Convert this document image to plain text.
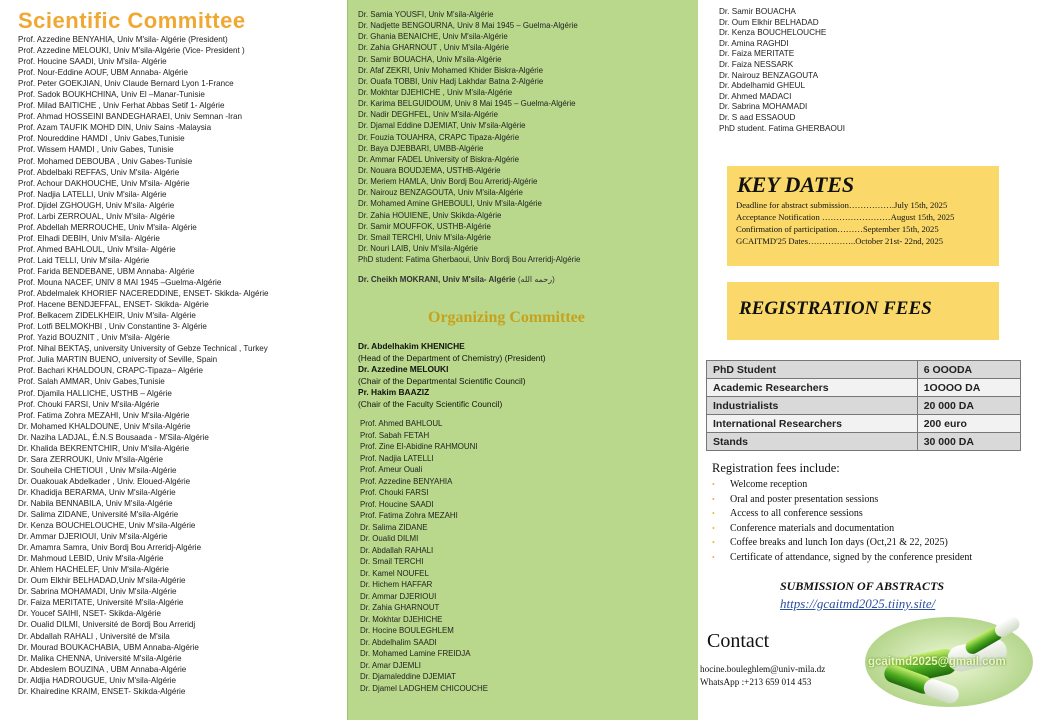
Scientific Committee
Prof. Azzedine BENYAHIA, Univ M'sila- Algérie (President)
Prof. Azzedine MELOUKI, Univ M'sila-Algérie (Vice- President )
Prof. Houcine SAADI, Univ M'sila- Algérie
Prof. Nour-Eddine AOUF, UBM Annaba- Algérie
Prof. Peter GOEKJIAN, Univ Claude Bernard Lyon 1-France
Prof. Sadok BOUKHCHINA, Univ El –Manar-Tunisie
Prof. Milad BAITICHE , Univ Ferhat Abbas Setif 1- Algérie
Prof. Ahmad HOSSEINI BANDEGHARAEI, Univ Semnan -Iran
Prof. Azam TAUFIK MOHD DIN, Univ Sains -Malaysia
Prof. Noureddine HAMDI , Univ Gabes,Tunisie
Prof. Wissem HAMDI , Univ Gabes, Tunisie
Prof. Mohamed DEBOUBA , Univ Gabes-Tunisie
Prof. Abdelbaki REFFAS, Univ M'sila- Algérie
Prof. Achour DAKHOUCHE, Univ M'sila- Algérie
Prof. Nadjia LATELLI, Univ M'sila- Algérie
Prof. Djidel ZGHOUGH, Univ M'sila- Algérie
Prof. Larbi ZERROUAL, Univ M'sila- Algérie
Prof. Abdellah MERROUCHE, Univ M'sila- Algérie
Prof. Elhadi DEBIH, Univ M'sila- Algérie
Prof. Ahmed BAHLOUL, Univ M'sila- Algérie
Prof. Laid TELLI, Univ M'sila- Algérie
Prof. Farida BENDEBANE, UBM Annaba- Algérie
Prof. Mouna NACEF, UNIV 8 MAI 1945 –Guelma-Algérie
Prof. Abdelmalek KHORIEF NACEREDDINE, ENSET- Skikda- Algérie
Prof. Hacene BENDJEFFAL, ENSET- Skikda- Algérie
Prof. Belkacem ZIDELKHEIR, Univ M'sila- Algérie
Prof. Lotfi BELMOKHBI , Univ Constantine 3- Algérie
Prof. Yazid BOUZNIT , Univ M'sila- Algérie
Prof. Nihal BEKTAŞ, university University of Gebze Technical , Turkey
Prof. Julia MARTIN BUENO, university of Seville, Spain
Prof. Bachari KHALDOUN, CRAPC-Tipaza– Algérie
Prof. Salah AMMAR, Univ Gabes,Tunisie
Prof. Djamila HALLICHE, USTHB – Algérie
Prof. Chouki FARSI, Univ M'sila-Algérie
Prof. Fatima Zohra MEZAHI, Univ M'sila-Algérie
Dr. Mohamed KHALDOUNE, Univ M'sila-Algérie
Dr. Naziha LADJAL, É.N.S Bousaada - M'Sila-Algérie
Dr. Khalida BEKRENTCHIR, Univ M'sila-Algérie
Dr. Sara ZERROUKI, Univ M'sila-Algérie
Dr. Souheila CHETIOUI , Univ M'sila-Algérie
Dr. Ouakouak Abdelkader , Univ. Eloued-Algérie
Dr. Khadidja BERARMA, Univ M'sila-Algérie
Dr. Nabila BENNABILA, Univ M'sila-Algérie
Dr. Salima ZIDANE, Université M'sila-Algérie
Dr. Kenza BOUCHELOUCHE, Univ M'sila-Algérie
Dr. Ammar DJERIOUI, Univ M'sila-Algérie
Dr. Amamra Samra, Univ Bordj Bou Arreridj-Algérie
Dr. Mahmoud LEBID, Univ M'sila-Algérie
Dr. Ahlem HACHELEF, Univ M'sila-Algérie
Dr. Oum Elkhir BELHADAD,Univ M'sila-Algérie
Dr. Sabrina MOHAMADI, Univ M'sila-Algérie
Dr. Faiza MERITATE, Université M'sila-Algérie
Dr. Youcef SAIHI, NSET- Skikda-Algérie
Dr. Oualid DILMI, Université de Bordj Bou Arreridj
Dr. Abdallah RAHALI , Université de M'sila
Dr. Mourad BOUKACHABIA, UBM Annaba-Algérie
Dr. Malika CHENNA, Université M'sila-Algérie
Dr. Abdeslem BOUZINA , UBM Annaba-Algérie
Dr. Aldjia HADROUGUE, Univ M'sila-Algérie
Dr. Khairedine KRAIM, ENSET- Skikda-Algérie
Dr. Samia YOUSFI, Univ M'sila-Algérie
Dr. Nadjette BENGOURNA, Univ 8 Mai 1945 – Guelma-Algérie
Dr. Ghania BENAICHE, Univ M'sila-Algérie
Dr. Zahia GHARNOUT , Univ M'sila-Algérie
Dr. Samir BOUACHA, Univ M'sila-Algérie
Dr. Afaf ZEKRI, Univ Mohamed Khider Biskra-Algérie
Dr. Ouafa TOBBI, Univ Hadj Lakhdar Batna 2-Algérie
Dr. Mokhtar DJEHICHE , Univ M'sila-Algérie
Dr. Karima BELGUIDOUM, Univ 8 Mai 1945 – Guelma-Algérie
Dr. Nadir DEGHFEL, Univ M'sila-Algérie
Dr. Djamal Eddine DJEMIAT, Univ M'sila-Algérie
Dr. Fouzia TOUAHRA, CRAPC Tipaza-Algérie
Dr. Baya DJEBBARI, UMBB-Algérie
Dr. Ammar FADEL University of Biskra-Algérie
Dr. Nouara BOUDJEMA, USTHB-Algérie
Dr. Meriem HAMLA, Univ Bordj Bou Arreridj-Algérie
Dr. Nairouz BENZAGOUTA, Univ M'sila-Algérie
Dr. Mohamed Amine GHEBOULI, Univ M'sila-Algérie
Dr. Zahia HOUIENE, Univ Skikda-Algérie
Dr. Samir MOUFFOK, USTHB-Algérie
Dr. Smail TERCHI, Univ M'sila-Algérie
Dr. Nouri LAIB, Univ M'sila-Algérie
PhD student: Fatima Gherbaoui, Univ Bordj Bou Arreridj-Algérie
Dr. Cheikh MOKRANI, Univ M'sila- Algérie (رحمه الله)
Organizing Committee
Dr. Abdelhakim KHENICHE
(Head of the Department of Chemistry) (President)
Dr. Azzedine MELOUKI
(Chair of the Departmental Scientific Council)
Pr. Hakim BAAZIZ
(Chair of the Faculty Scientific Council)
Prof. Ahmed BAHLOUL
Prof. Sabah FETAH
Prof. Zine El-Abidine RAHMOUNI
Prof. Nadjia LATELLI
Prof. Ameur Ouali
Prof. Azzedine BENYAHIA
Prof. Chouki FARSI
Prof. Houcine SAADI
Prof. Fatima Zohra MEZAHI
Dr. Salima ZIDANE
Dr. Oualid DILMI
Dr. Abdallah RAHALI
Dr. Smail TERCHI
Dr. Kamel NOUFEL
Dr. Hichem HAFFAR
Dr. Ammar DJERIOUI
Dr. Zahia GHARNOUT
Dr. Mokhtar DJEHICHE
Dr. Hocine BOULEGHLEM
Dr. Abdelhalim SAADI
Dr. Mohamed Lamine FREIDJA
Dr. Amar DJEMLI
Dr. Djamaleddine DJEMIAT
Dr. Djamel LADGHEM CHICOUCHE
Dr. Samir BOUACHA
Dr. Oum Elkhir BELHADAD
Dr. Kenza BOUCHELOUCHE
Dr. Amina RAGHDI
Dr. Faiza MERITATE
Dr. Faiza NESSARK
Dr. Nairouz BENZAGOUTA
Dr. Abdelhamid GHEUL
Dr. Ahmed MADACI
Dr. Sabrina MOHAMADI
Dr. S aad ESSAOUD
PhD student. Fatima GHERBAOUI
KEY DATES
Deadline for abstract submission…………….July 15th, 2025
Acceptance Notification ……………………August 15th, 2025
Confirmation of participation………September 15th, 2025
GCAITMD'25 Dates……………..October 21st- 22nd, 2025
REGISTRATION FEES
PhD Student	6 OOODA
Academic Researchers	1OOOO DA
Industrialists	20 000 DA
International Researchers	200 euro
Stands	30 000 DA
Registration fees include:
• Welcome reception
• Oral and poster presentation sessions
• Access to all conference sessions
• Conference materials and documentation
• Coffee breaks and lunch Ion days (Oct,21 & 22, 2025)
• Certificate of attendance, signed by the conference president
SUBMISSION OF ABSTRACTS
https://gcaitmd2025.tiiny.site/
Contact
hocine.bouleghlem@univ-mila.dz
WhatsApp :+213 659 014 453
gcaitmd2025@gmail.com
